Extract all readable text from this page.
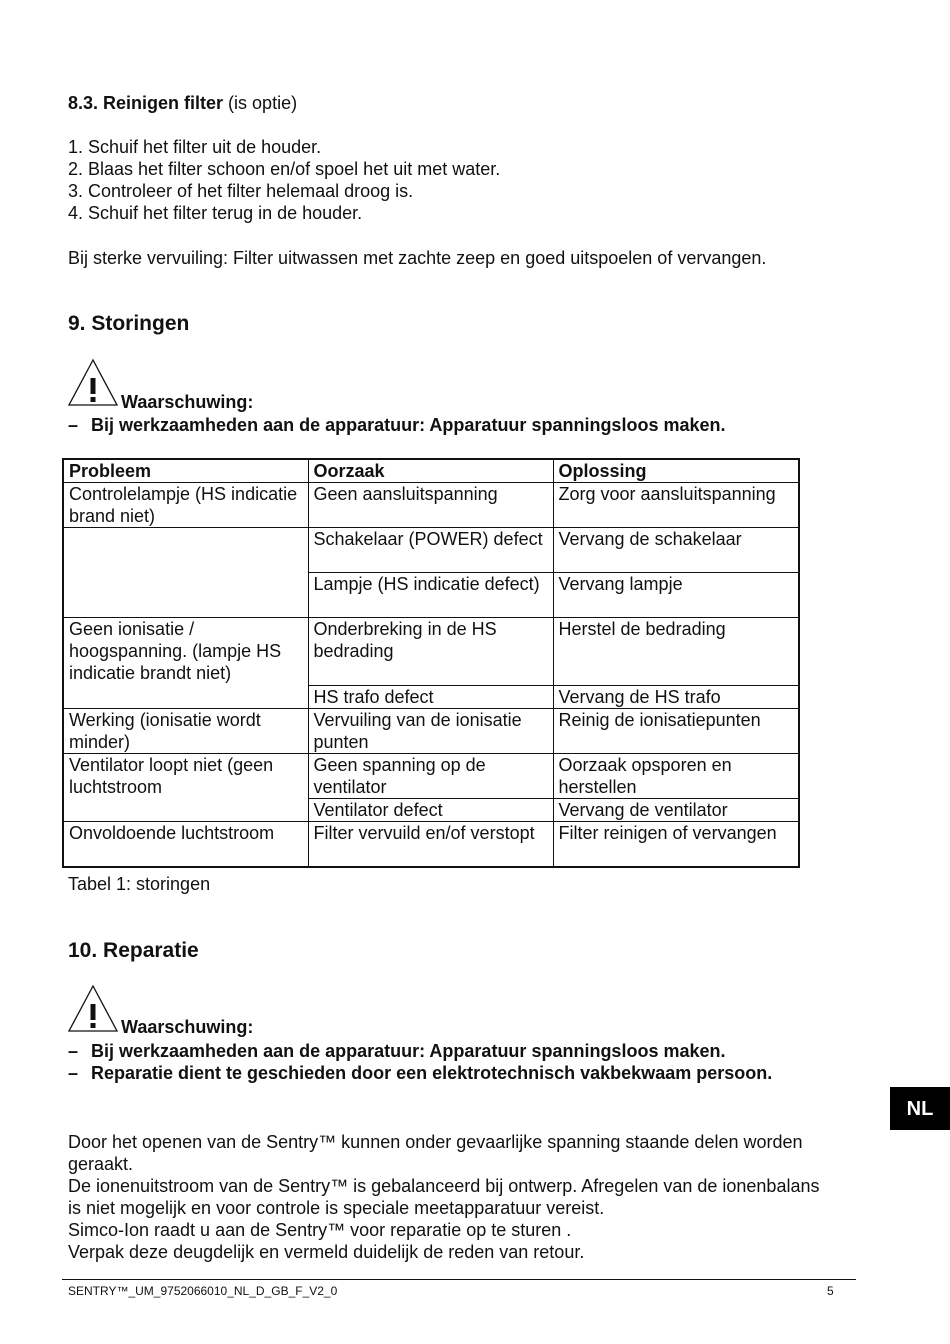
8.3. Reinigen filter (is optie)
1. Schuif het filter uit de houder.
2. Blaas het filter schoon en/of spoel het uit met water.
3. Controleer of het filter helemaal droog is.
4. Schuif het filter terug in de houder.
Bij sterke vervuiling: Filter uitwassen met zachte zeep en goed uitspoelen of vervangen.
9. Storingen
Waarschuwing:
– Bij werkzaamheden aan de apparatuur: Apparatuur spanningsloos maken.
Probleem	Oorzaak	Oplossing
Controlelampje (HS indicatie brand niet)	Geen aansluitspanning	Zorg voor aansluitspanning
	Schakelaar (POWER) defect	Vervang de schakelaar
	Lampje (HS indicatie defect)	Vervang lampje
Geen ionisatie / hoogspanning. (lampje HS indicatie brandt niet)	Onderbreking in de HS bedrading	Herstel de bedrading
	HS trafo defect	Vervang de HS trafo
Werking (ionisatie wordt minder)	Vervuiling van de ionisatie punten	Reinig de ionisatiepunten
Ventilator loopt niet (geen luchtstroom	Geen spanning op de ventilator	Oorzaak opsporen en herstellen
	Ventilator defect	Vervang de ventilator
Onvoldoende luchtstroom	Filter vervuild en/of verstopt	Filter reinigen of vervangen
Tabel 1: storingen
10. Reparatie
Waarschuwing:
– Bij werkzaamheden aan de apparatuur: Apparatuur spanningsloos maken.
– Reparatie dient te geschieden door een elektrotechnisch vakbekwaam persoon.
Door het openen van de Sentry™ kunnen onder gevaarlijke spanning staande delen worden
geraakt.
De ionenuitstroom van de Sentry™ is gebalanceerd bij ontwerp. Afregelen van de ionenbalans
is niet mogelijk en voor controle is speciale meetapparatuur vereist.
Simco-Ion raadt u aan de Sentry™ voor reparatie op te sturen .
Verpak deze deugdelijk en vermeld duidelijk de reden van retour.
NL
SENTRY™_UM_9752066010_NL_D_GB_F_V2_0	5
